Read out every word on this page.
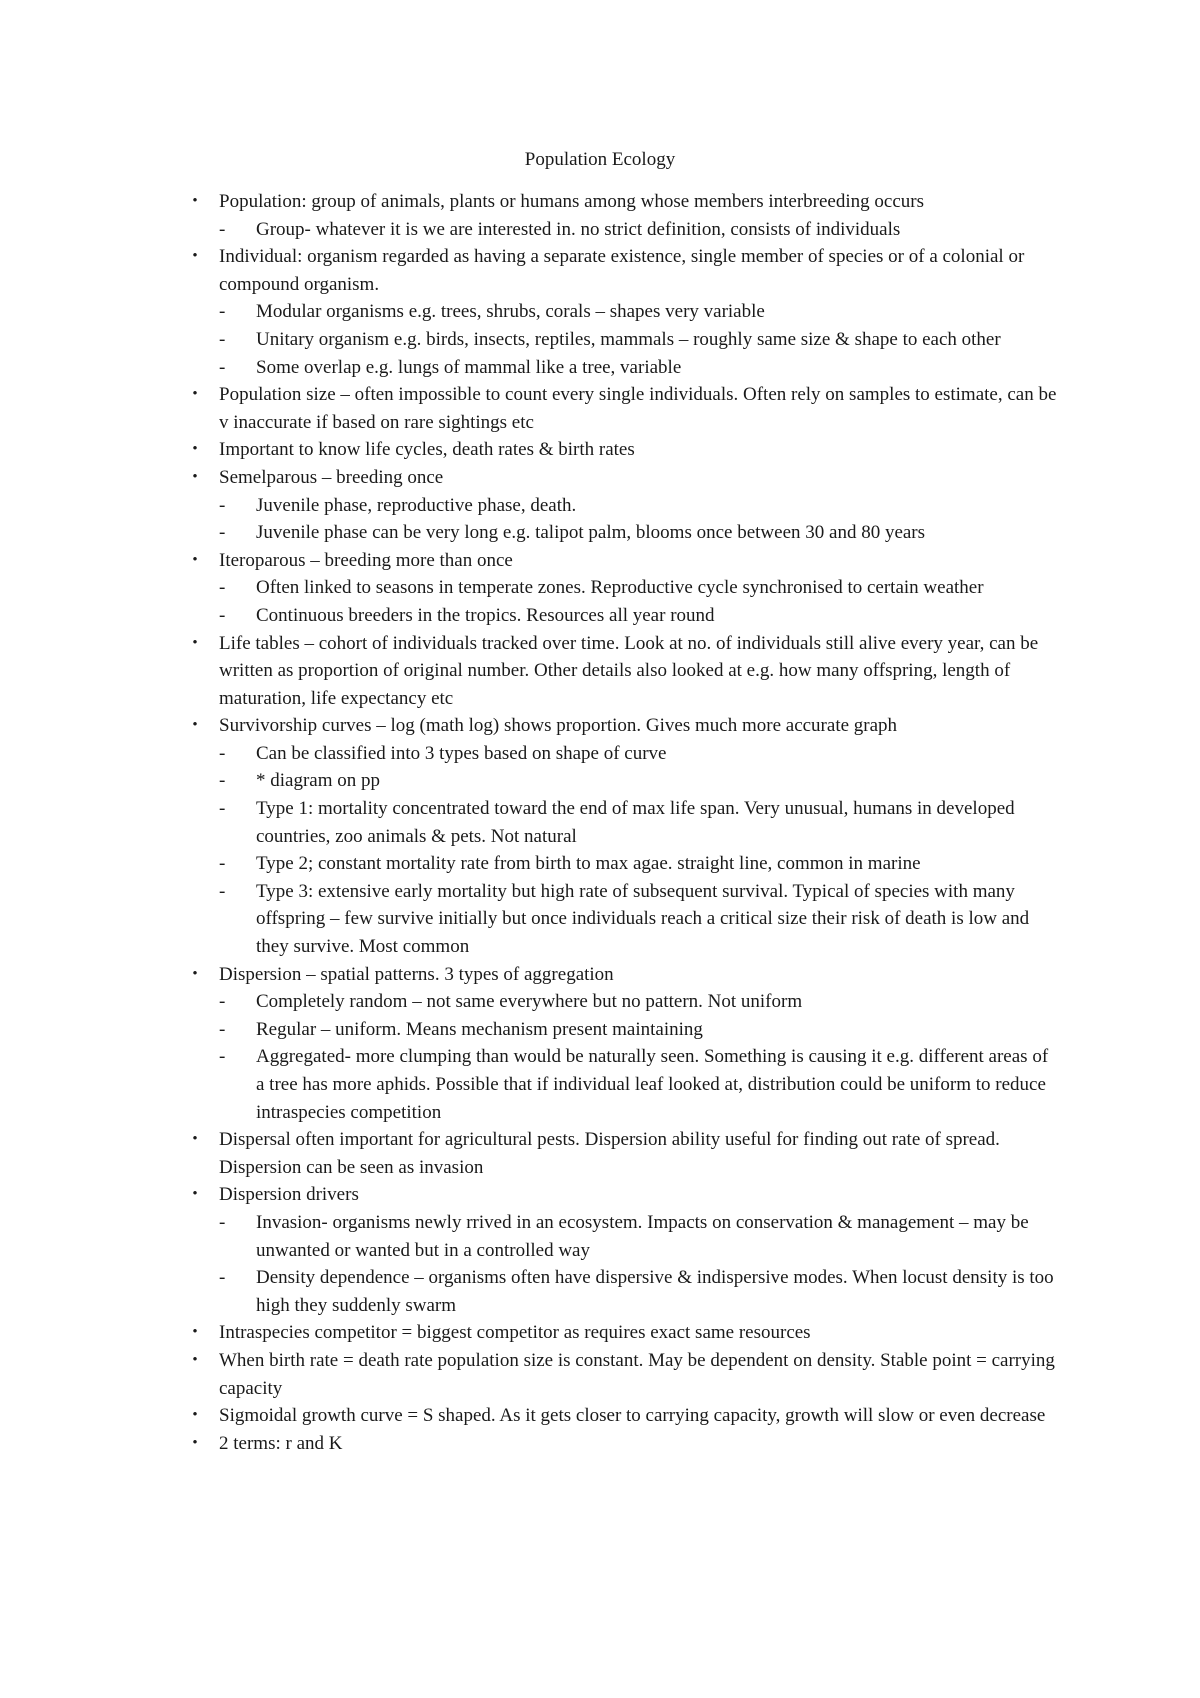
Population Ecology
•	Population: group of animals, plants or humans among whose members interbreeding occurs
- Group- whatever it is we are interested in. no strict definition, consists of individuals
•	Individual: organism regarded as having a separate existence, single member of species or of a colonial or compound organism.
- Modular organisms e.g. trees, shrubs, corals – shapes very variable
- Unitary organism e.g. birds, insects, reptiles, mammals – roughly same size & shape to each other
- Some overlap e.g. lungs of mammal like a tree, variable
•	Population size – often impossible to count every single individuals. Often rely on samples to estimate, can be v inaccurate if based on rare sightings etc
•	Important to know life cycles, death rates & birth rates
•	Semelparous – breeding once
- Juvenile phase, reproductive phase, death.
- Juvenile phase can be very long e.g. talipot palm, blooms once between 30 and 80 years
•	Iteroparous – breeding more than once
- Often linked to seasons in temperate zones. Reproductive cycle synchronised to certain weather
- Continuous breeders in the tropics. Resources all year round
•	Life tables – cohort of individuals tracked over time. Look at no. of individuals still alive every year, can be written as proportion of original number. Other details also looked at e.g. how many offspring, length of maturation, life expectancy etc
•	Survivorship curves – log (math log) shows proportion. Gives much more accurate graph
- Can be classified into 3 types based on shape of curve
- * diagram on pp
- Type 1: mortality concentrated toward the end of max life span. Very unusual, humans in developed countries, zoo animals & pets. Not natural
- Type 2; constant mortality rate from birth to max agae. straight line, common in marine
- Type 3: extensive early mortality but high rate of subsequent survival. Typical of species with many offspring – few survive initially but once individuals reach a critical size their risk of death is low and they survive. Most common
•	Dispersion – spatial patterns. 3 types of aggregation
- Completely random – not same everywhere but no pattern. Not uniform
- Regular – uniform. Means mechanism present maintaining
- Aggregated- more clumping than would be naturally seen. Something is causing it e.g. different areas of a tree has more aphids. Possible that if individual leaf looked at, distribution could be uniform to reduce intraspecies competition
•	Dispersal often important for agricultural pests. Dispersion ability useful for finding out rate of spread. Dispersion can be seen as invasion
•	Dispersion drivers
- Invasion- organisms newly rrived in an ecosystem. Impacts on conservation & management – may be unwanted or wanted but in a controlled way
- Density dependence – organisms often have dispersive & indispersive modes. When locust density is too high they suddenly swarm
•	Intraspecies competitor = biggest competitor as requires exact same resources
•	When birth rate = death rate population size is constant. May be dependent on density. Stable point = carrying capacity
•	Sigmoidal growth curve = S shaped. As it gets closer to carrying capacity, growth will slow or even decrease
•	2 terms: r and K
